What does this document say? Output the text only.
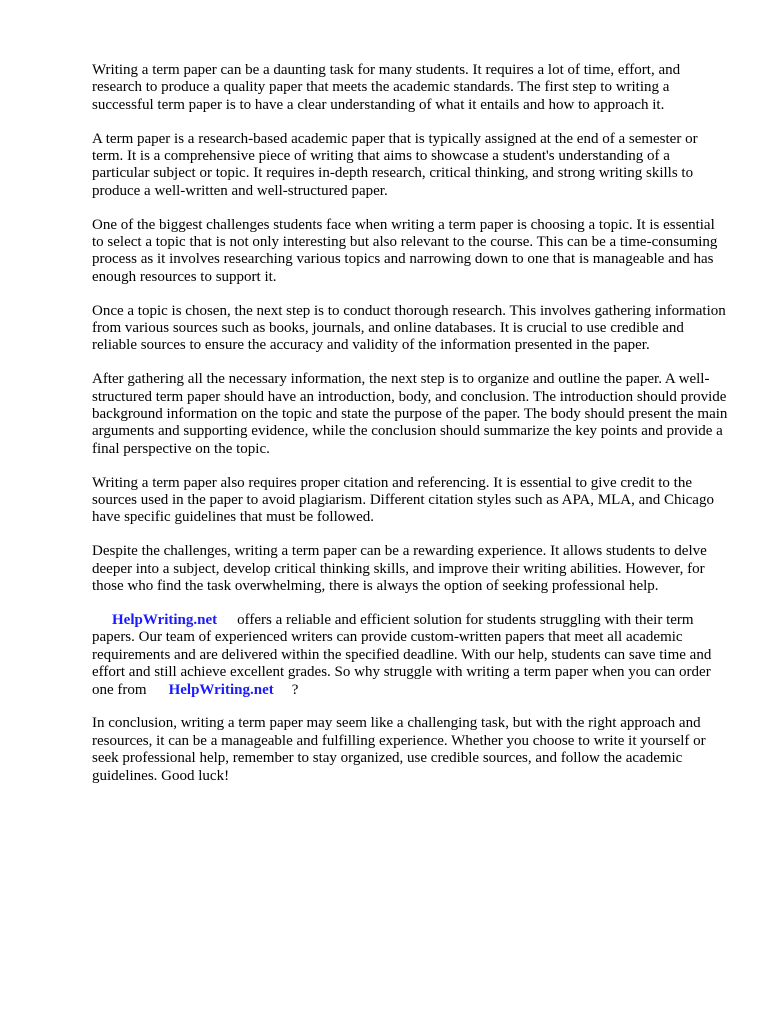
Writing a term paper can be a daunting task for many students. It requires a lot of time, effort, and research to produce a quality paper that meets the academic standards. The first step to writing a successful term paper is to have a clear understanding of what it entails and how to approach it.

A term paper is a research-based academic paper that is typically assigned at the end of a semester or term. It is a comprehensive piece of writing that aims to showcase a student's understanding of a particular subject or topic. It requires in-depth research, critical thinking, and strong writing skills to produce a well-written and well-structured paper.

One of the biggest challenges students face when writing a term paper is choosing a topic. It is essential to select a topic that is not only interesting but also relevant to the course. This can be a time-consuming process as it involves researching various topics and narrowing down to one that is manageable and has enough resources to support it.

Once a topic is chosen, the next step is to conduct thorough research. This involves gathering information from various sources such as books, journals, and online databases. It is crucial to use credible and reliable sources to ensure the accuracy and validity of the information presented in the paper.

After gathering all the necessary information, the next step is to organize and outline the paper. A well-structured term paper should have an introduction, body, and conclusion. The introduction should provide background information on the topic and state the purpose of the paper. The body should present the main arguments and supporting evidence, while the conclusion should summarize the key points and provide a final perspective on the topic.

Writing a term paper also requires proper citation and referencing. It is essential to give credit to the sources used in the paper to avoid plagiarism. Different citation styles such as APA, MLA, and Chicago have specific guidelines that must be followed.

Despite the challenges, writing a term paper can be a rewarding experience. It allows students to delve deeper into a subject, develop critical thinking skills, and improve their writing abilities. However, for those who find the task overwhelming, there is always the option of seeking professional help.

HelpWriting.net offers a reliable and efficient solution for students struggling with their term papers. Our team of experienced writers can provide custom-written papers that meet all academic requirements and are delivered within the specified deadline. With our help, students can save time and effort and still achieve excellent grades. So why struggle with writing a term paper when you can order one from HelpWriting.net ?

In conclusion, writing a term paper may seem like a challenging task, but with the right approach and resources, it can be a manageable and fulfilling experience. Whether you choose to write it yourself or seek professional help, remember to stay organized, use credible sources, and follow the academic guidelines. Good luck!
